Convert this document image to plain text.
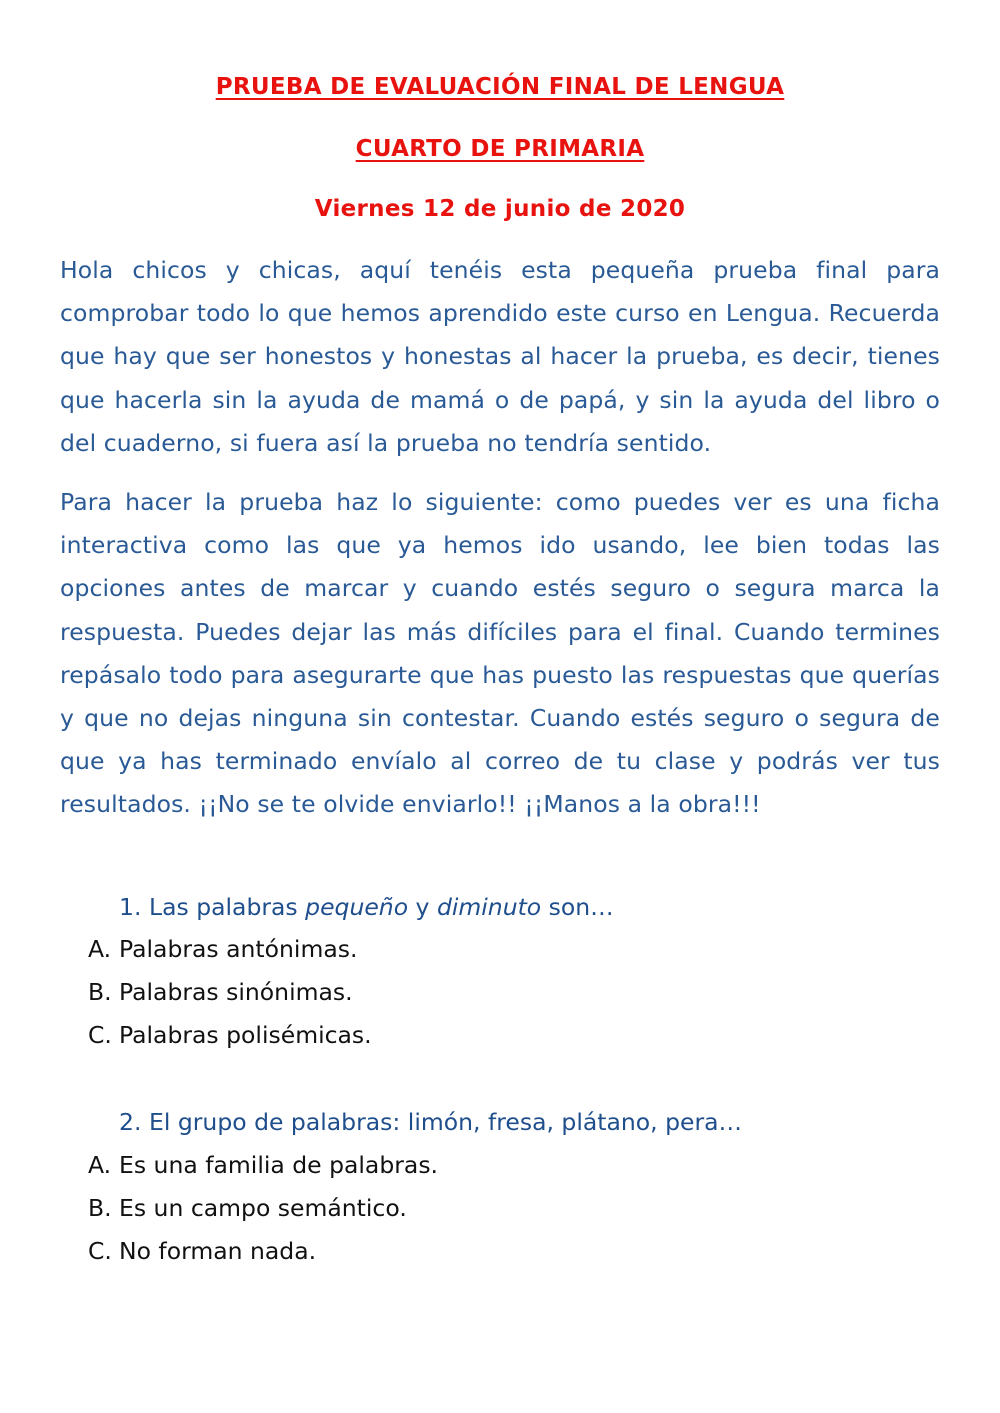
PRUEBA DE EVALUACIÓN FINAL DE LENGUA
CUARTO DE PRIMARIA
Viernes 12 de junio de 2020
Hola chicos y chicas, aquí tenéis esta pequeña prueba final para comprobar todo lo que hemos aprendido este curso en Lengua. Recuerda que hay que ser honestos y honestas al hacer la prueba, es decir, tienes que hacerla sin la ayuda de mamá o de papá, y sin la ayuda del libro o del cuaderno, si fuera así la prueba no tendría sentido.
Para hacer la prueba haz lo siguiente: como puedes ver es una ficha interactiva como las que ya hemos ido usando, lee bien todas las opciones antes de marcar y cuando estés seguro o segura marca la respuesta. Puedes dejar las más difíciles para el final. Cuando termines repásalo todo para asegurarte que has puesto las respuestas que querías y que no dejas ninguna sin contestar. Cuando estés seguro o segura de que ya has terminado envíalo al correo de tu clase y podrás ver tus resultados. ¡¡No se te olvide enviarlo!! ¡¡Manos a la obra!!!
1. Las palabras pequeño y diminuto son…
A. Palabras antónimas.
B. Palabras sinónimas.
C. Palabras polisémicas.
2. El grupo de palabras: limón, fresa, plátano, pera…
A. Es una familia de palabras.
B. Es un campo semántico.
C. No forman nada.
